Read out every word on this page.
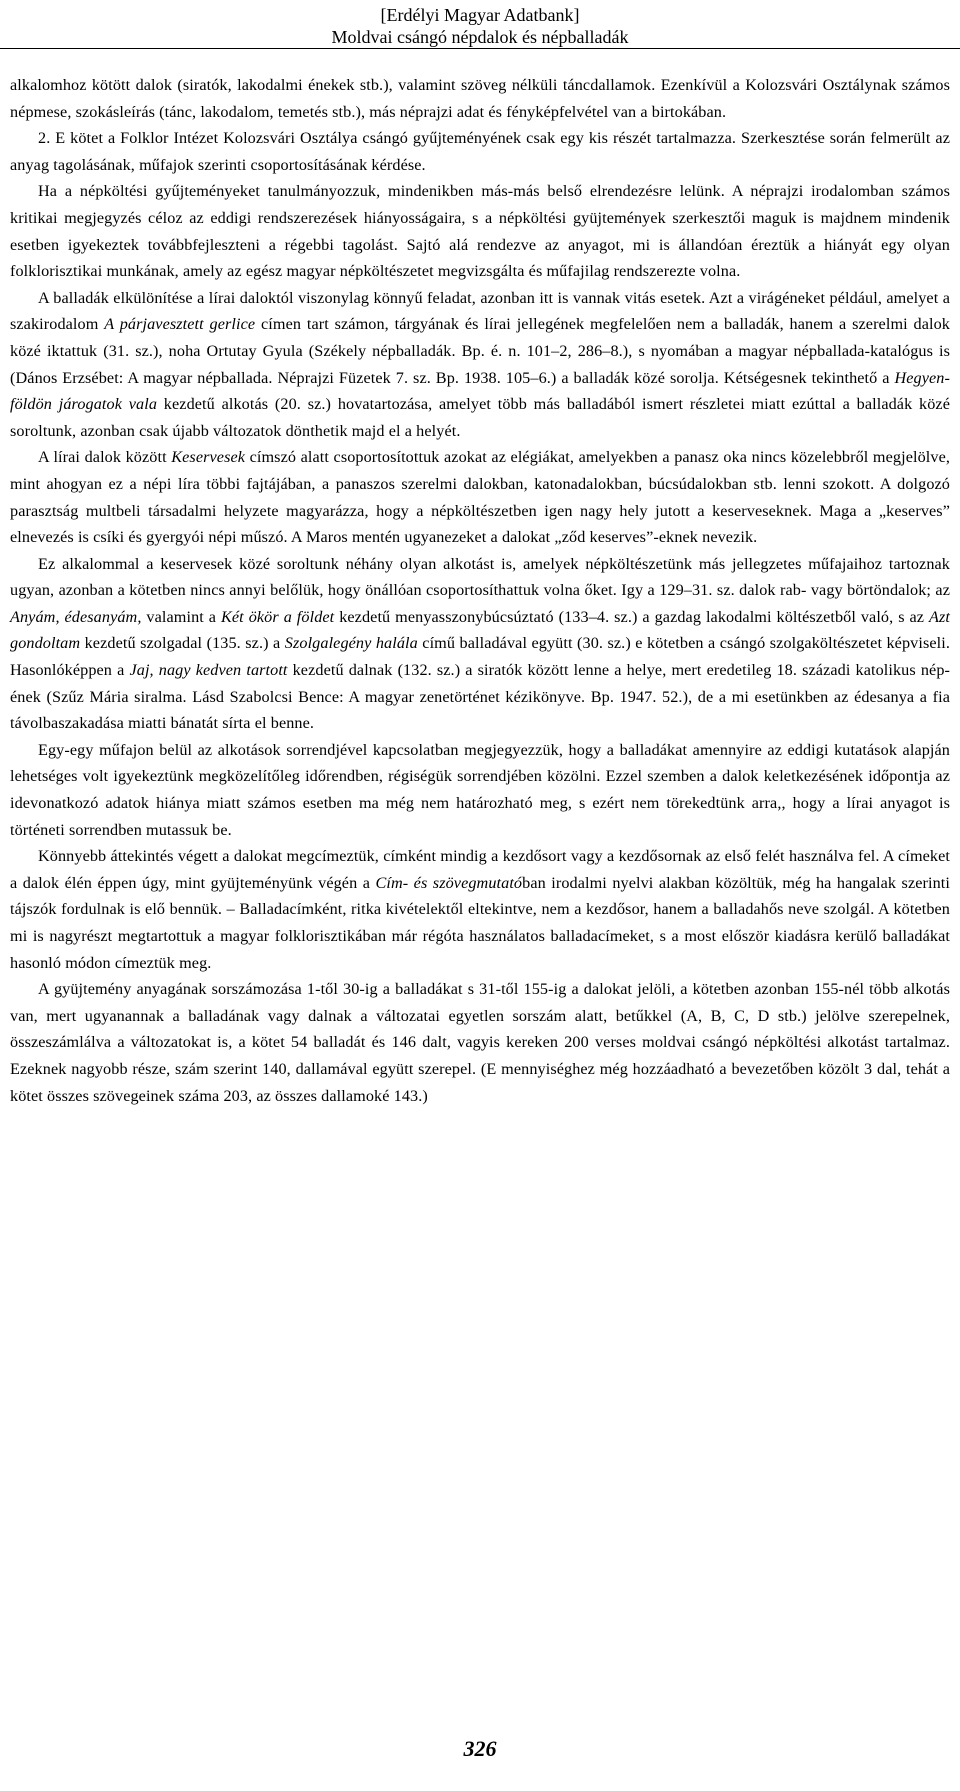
[Erdélyi Magyar Adatbank]
Moldvai csángó népdalok és népballadák

alkalomhoz kötött dalok (siratók, lakodalmi énekek stb.), valamint szöveg nélküli táncdallamok. Ezenkívül a Kolozsvári Osztálynak számos népmese, szokásleírás (tánc, lakodalom, temetés stb.), más néprajzi adat és fényképfelvétel van a birtokában.

2. E kötet a Folklor Intézet Kolozsvári Osztálya csángó gyűjteményének csak egy kis részét tartalmazza. Szerkesztése során felmerült az anyag tagolásának, műfajok szerinti csoportosításának kérdése.

Ha a népköltési gyűjteményeket tanulmányozzuk, mindenikben más-más belső elrendezésre lelünk. A néprajzi irodalomban számos kritikai megjegyzés céloz az eddigi rendszerezések hiányosságaira, s a népköltési gyüjtemények szerkesztői maguk is majdnem mindenik esetben igyekeztek továbbfejleszteni a régebbi tagolást. Sajtó alá rendezve az anyagot, mi is állandóan éreztük a hiányát egy olyan folklorisztikai munkának, amely az egész magyar népköltészetet megvizsgálta és műfajilag rendszerezte volna.

A balladák elkülönítése a lírai daloktól viszonylag könnyű feladat, azonban itt is vannak vitás esetek. Azt a virágéneket például, amelyet a szakirodalom A párjavesztett gerlice címen tart számon, tárgyának és lírai jellegének megfelelően nem a balladák, hanem a szerelmi dalok közé iktattuk (31. sz.), noha Ortutay Gyula (Székely népballadák. Bp. é. n. 101–2, 286–8.), s nyomában a magyar népballada-katalógus is (Dános Erzsébet: A magyar népballada. Néprajzi Füzetek 7. sz. Bp. 1938. 105–6.) a balladák közé sorolja. Kétségesnek tekinthető a Hegyen-földön járogatok vala kezdetű alkotás (20. sz.) hovatartozása, amelyet több más balladából ismert részletei miatt ezúttal a balladák közé soroltunk, azonban csak újabb változatok dönthetik majd el a helyét.

A lírai dalok között Keservesek címszó alatt csoportosítottuk azokat az elégiákat, amelyekben a panasz oka nincs közelebbről megjelölve, mint ahogyan ez a népi líra többi fajtájában, a panaszos szerelmi dalokban, katonadalokban, búcsúdalokban stb. lenni szokott. A dolgozó parasztság multbeli társadalmi helyzete magyarázza, hogy a népköltészetben igen nagy hely jutott a keserveseknek. Maga a „keserves” elnevezés is csíki és gyergyói népi műszó. A Maros mentén ugyanezeket a dalokat „ződ keserves”-eknek nevezik.

Ez alkalommal a keservesek közé soroltunk néhány olyan alkotást is, amelyek népköltészetünk más jellegzetes műfajaihoz tartoznak ugyan, azonban a kötetben nincs annyi belőlük, hogy önállóan csoportosíthattuk volna őket. Igy a 129–31. sz. dalok rab- vagy börtöndalok; az Anyám, édesanyám, valamint a Két ökör a földet kezdetű menyasszonybúcsúztató (133–4. sz.) a gazdag lakodalmi költészetből való, s az Azt gondoltam kezdetű szolgadal (135. sz.) a Szolgalegény halála című balladával együtt (30. sz.) e kötetben a csángó szolgaköltészetet képviseli. Hasonlóképpen a Jaj, nagy kedven tartott kezdetű dalnak (132. sz.) a siratók között lenne a helye, mert eredetileg 18. századi katolikus nép-ének (Szűz Mária siralma. Lásd Szabolcsi Bence: A magyar zenetörténet kézikönyve. Bp. 1947. 52.), de a mi esetünkben az édesanya a fia távolbaszakadása miatti bánatát sírta el benne.

Egy-egy műfajon belül az alkotások sorrendjével kapcsolatban megjegyezzük, hogy a balladákat amennyire az eddigi kutatások alapján lehetséges volt igyekeztünk megközelítőleg időrendben, régiségük sorrendjében közölni. Ezzel szemben a dalok keletkezésének időpontja az idevonatkozó adatok hiánya miatt számos esetben ma még nem határozható meg, s ezért nem törekedtünk arra,, hogy a lírai anyagot is történeti sorrendben mutassuk be.

Könnyebb áttekintés végett a dalokat megcímeztük, címként mindig a kezdősort vagy a kezdősornak az első felét használva fel. A címeket a dalok élén éppen úgy, mint gyüjteményünk végén a Cím- és szövegmutatóban irodalmi nyelvi alakban közöltük, még ha hangalak szerinti tájszók fordulnak is elő bennük. – Balladacímként, ritka kivételektől eltekintve, nem a kezdősor, hanem a balladahős neve szolgál. A kötetben mi is nagyrészt megtartottuk a magyar folklorisztikában már régóta használatos balladacímeket, s a most először kiadásra kerülő balladákat hasonló módon címeztük meg.

A gyüjtemény anyagának sorszámozása 1-től 30-ig a balladákat s 31-től 155-ig a dalokat jelöli, a kötetben azonban 155-nél több alkotás van, mert ugyanannak a balladának vagy dalnak a változatai egyetlen sorszám alatt, betűkkel (A, B, C, D stb.) jelölve szerepelnek, összeszámlálva a változatokat is, a kötet 54 balladát és 146 dalt, vagyis kereken 200 verses moldvai csángó népköltési alkotást tartalmaz. Ezeknek nagyobb része, szám szerint 140, dallamával együtt szerepel. (E mennyiséghez még hozzáadható a bevezetőben közölt 3 dal, tehát a kötet összes szövegeinek száma 203, az összes dallamoké 143.)

326
